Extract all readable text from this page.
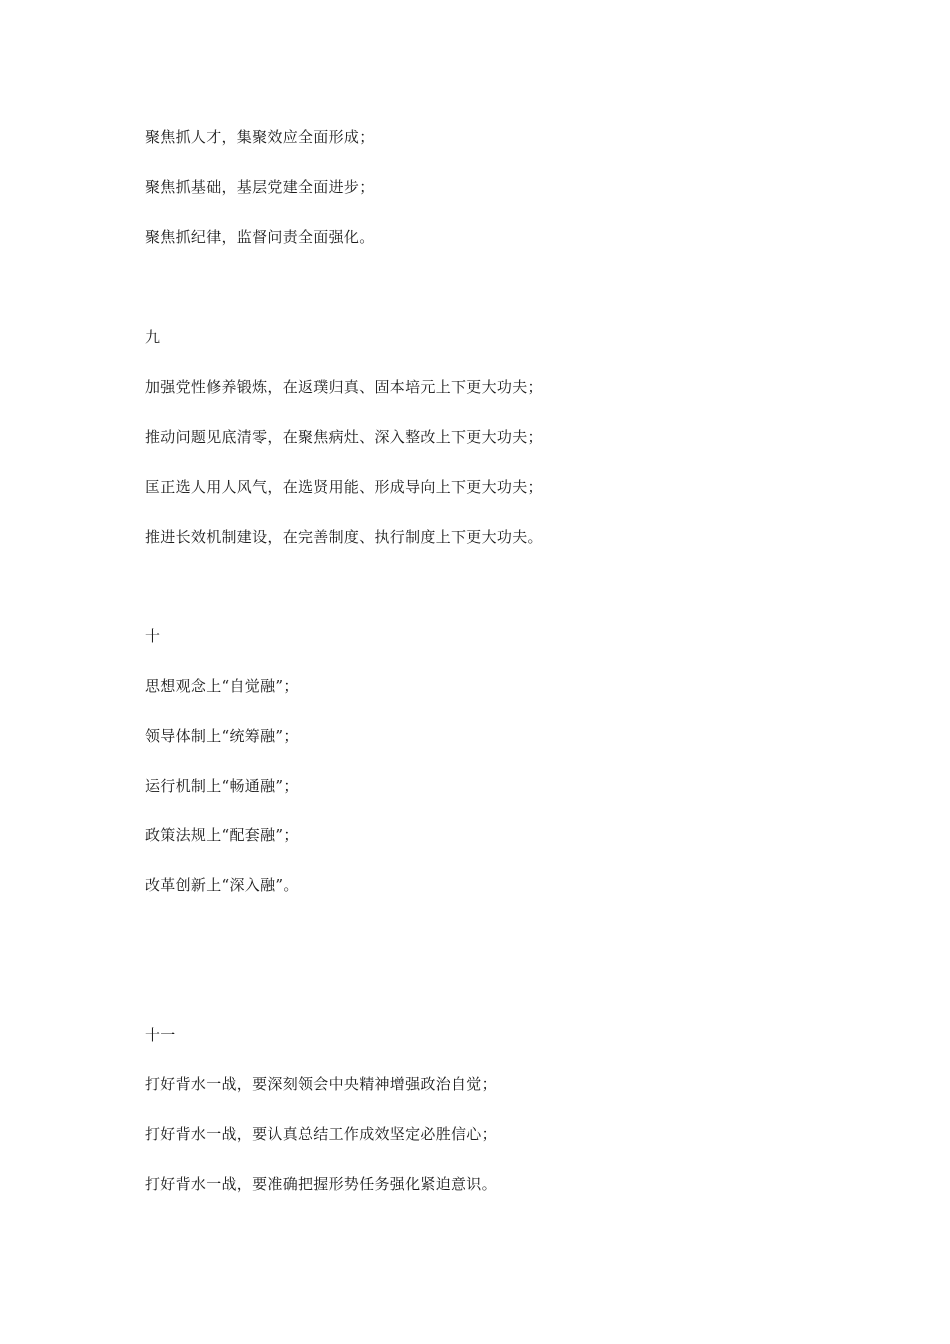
聚焦抓人才，集聚效应全面形成；
聚焦抓基础，基层党建全面进步；
聚焦抓纪律，监督问责全面强化。
九
加强党性修养锻炼，在返璞归真、固本培元上下更大功夫；
推动问题见底清零，在聚焦病灶、深入整改上下更大功夫；
匡正选人用人风气，在选贤用能、形成导向上下更大功夫；
推进长效机制建设，在完善制度、执行制度上下更大功夫。
十
思想观念上“自觉融”；
领导体制上“统筹融”；
运行机制上“畅通融”；
政策法规上“配套融”；
改革创新上“深入融”。
十一
打好背水一战，要深刻领会中央精神增强政治自觉；
打好背水一战，要认真总结工作成效坚定必胜信心；
打好背水一战，要准确把握形势任务强化紧迫意识。
